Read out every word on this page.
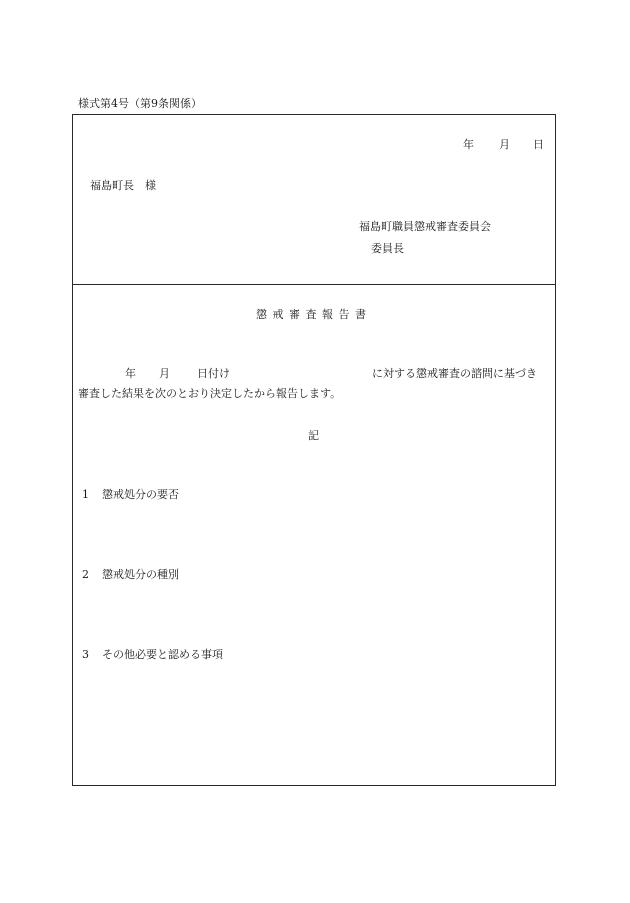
様式第4号（第9条関係）
年 月 日
福島町長　様
福島町職員懲戒審査委員会
委員長
懲戒審査報告書
年 月 日付け	に対する懲戒審査の諮問に基づき
審査した結果を次のとおり決定したから報告します。
記
1 懲戒処分の要否
2 懲戒処分の種別
3 その他必要と認める事項
